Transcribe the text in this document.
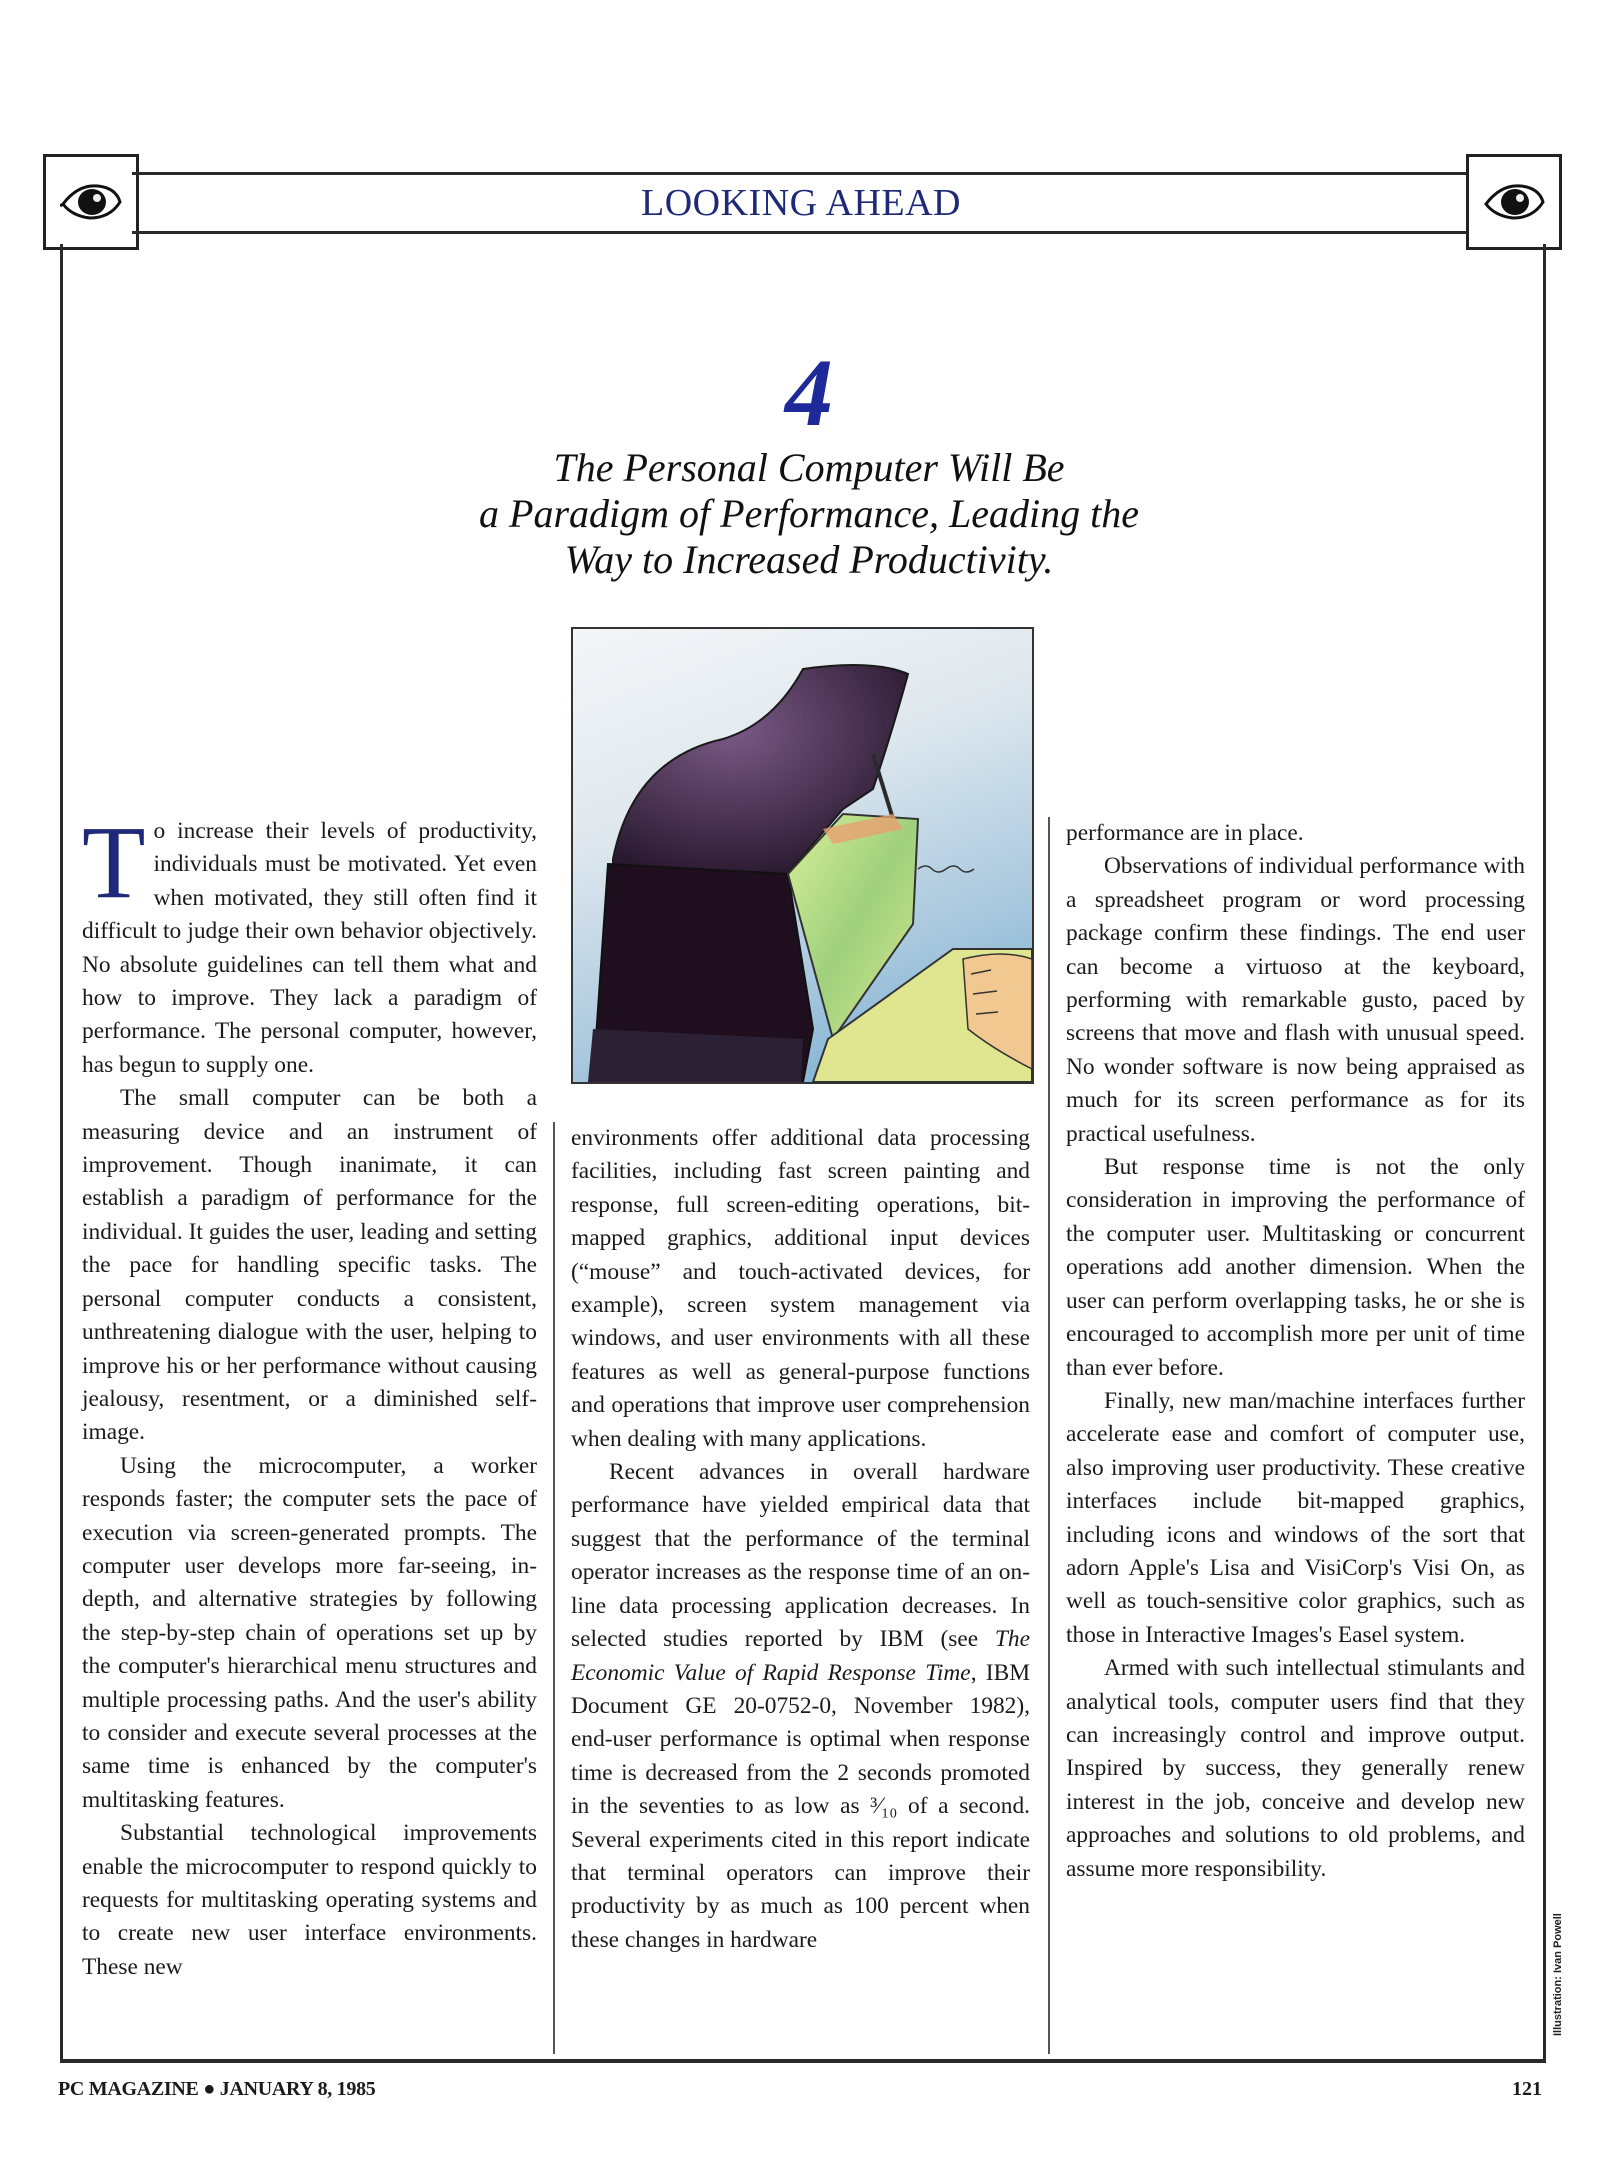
LOOKING AHEAD
4
The Personal Computer Will Be
a Paradigm of Performance, Leading the
Way to Increased Productivity.

To increase their levels of productivity, individuals must be motivated. Yet even when motivated, they still often find it difficult to judge their own behavior objectively. No absolute guidelines can tell them what and how to improve. They lack a paradigm of performance. The personal computer, however, has begun to supply one.

The small computer can be both a measuring device and an instrument of improvement. Though inanimate, it can establish a paradigm of performance for the individual. It guides the user, leading and setting the pace for handling specific tasks. The personal computer conducts a consistent, unthreatening dialogue with the user, helping to improve his or her performance without causing jealousy, resentment, or a diminished self-image.

Using the microcomputer, a worker responds faster; the computer sets the pace of execution via screen-generated prompts. The computer user develops more far-seeing, in-depth, and alternative strategies by following the step-by-step chain of operations set up by the computer's hierarchical menu structures and multiple processing paths. And the user's ability to consider and execute several processes at the same time is enhanced by the computer's multitasking features.

Substantial technological improvements enable the microcomputer to respond quickly to requests for multitasking operating systems and to create new user interface environments. These new

environments offer additional data processing facilities, including fast screen painting and response, full screen-editing operations, bit-mapped graphics, additional input devices (“mouse” and touch-activated devices, for example), screen system management via windows, and user environments with all these features as well as general-purpose functions and operations that improve user comprehension when dealing with many applications.

Recent advances in overall hardware performance have yielded empirical data that suggest that the performance of the terminal operator increases as the response time of an on-line data processing application decreases. In selected studies reported by IBM (see The Economic Value of Rapid Response Time, IBM Document GE 20-0752-0, November 1982), end-user performance is optimal when response time is decreased from the 2 seconds promoted in the seventies to as low as ³⁄₁₀ of a second. Several experiments cited in this report indicate that terminal operators can improve their productivity by as much as 100 percent when these changes in hardware

performance are in place.

Observations of individual performance with a spreadsheet program or word processing package confirm these findings. The end user can become a virtuoso at the keyboard, performing with remarkable gusto, paced by screens that move and flash with unusual speed. No wonder software is now being appraised as much for its screen performance as for its practical usefulness.

But response time is not the only consideration in improving the performance of the computer user. Multitasking or concurrent operations add another dimension. When the user can perform overlapping tasks, he or she is encouraged to accomplish more per unit of time than ever before.

Finally, new man/machine interfaces further accelerate ease and comfort of computer use, also improving user productivity. These creative interfaces include bit-mapped graphics, including icons and windows of the sort that adorn Apple's Lisa and VisiCorp's Visi On, as well as touch-sensitive color graphics, such as those in Interactive Images's Easel system.

Armed with such intellectual stimulants and analytical tools, computer users find that they can increasingly control and improve output. Inspired by success, they generally renew interest in the job, conceive and develop new approaches and solutions to old problems, and assume more responsibility.

Illustration: Ivan Powell
PC MAGAZINE ● JANUARY 8, 1985	121
